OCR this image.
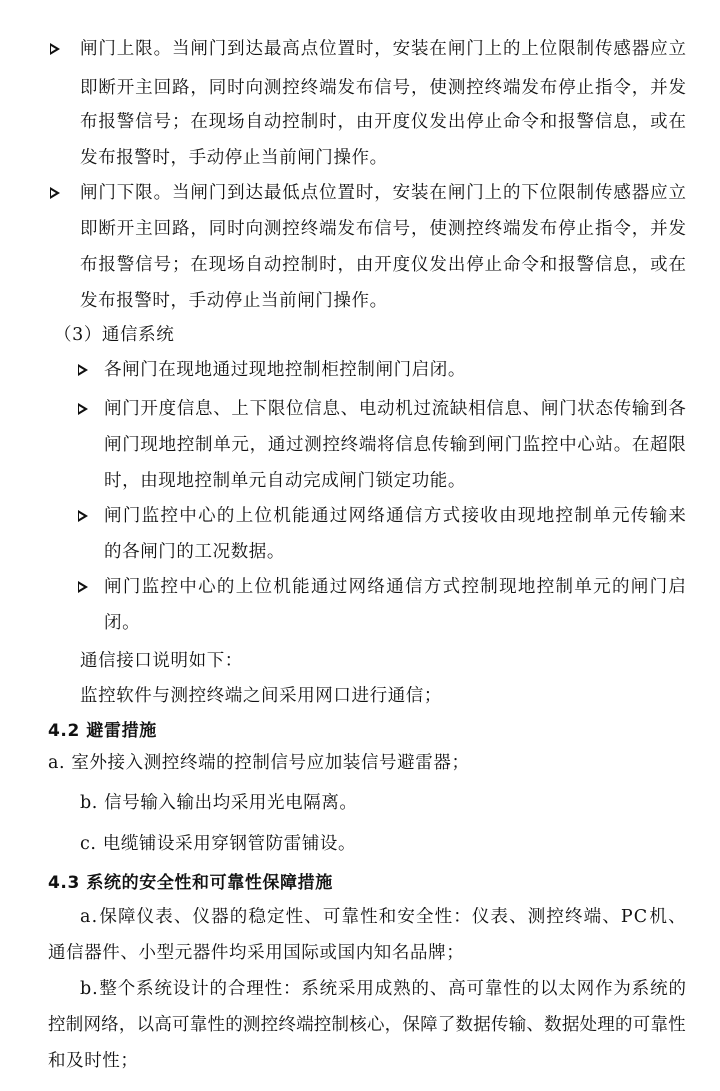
闸 门 上 限 。 当 闸 门 到 达 最 高 点 位 置 时 ， 安 装 在 闸 门 上 的 上 位 限 制 传 感 器 应 立
即 断 开 主 回 路 ， 同 时 向 测 控 终 端 发 布 信 号 ， 使 测 控 终 端 发 布 停 止 指 令 ， 并 发
布 报 警 信 号 ； 在 现 场 自 动 控 制 时 ， 由 开 度 仪 发 出 停 止 命 令 和 报 警 信 息 ， 或 在
发布报警时，手动停止当前闸门操作。
闸 门 下 限 。 当 闸 门 到 达 最 低 点 位 置 时 ， 安 装 在 闸 门 上 的 下 位 限 制 传 感 器 应 立
即 断 开 主 回 路 ， 同 时 向 测 控 终 端 发 布 信 号 ， 使 测 控 终 端 发 布 停 止 指 令 ， 并 发
布 报 警 信 号 ； 在 现 场 自 动 控 制 时 ， 由 开 度 仪 发 出 停 止 命 令 和 报 警 信 息 ， 或 在
发布报警时，手动停止当前闸门操作。
（3）通信系统
各闸门在现地通过现地控制柜控制闸门启闭。
闸 门 开 度 信 息 、 上 下 限 位 信 息 、 电 动 机 过 流 缺 相 信 息 、 闸 门 状 态 传 输 到 各
闸 门 现 地 控 制 单 元 ， 通 过 测 控 终 端 将 信 息 传 输 到 闸 门 监 控 中 心 站 。 在 超 限
时，由现地控制单元自动完成闸门锁定功能。
闸 门 监 控 中 心 的 上 位 机 能 通 过 网 络 通 信 方 式 接 收 由 现 地 控 制 单 元 传 输 来
的各闸门的工况数据。
闸 门 监 控 中 心 的 上 位 机 能 通 过 网 络 通 信 方 式 控 制 现 地 控 制 单 元 的 闸 门 启
闭。
通信接口说明如下：
监控软件与测控终端之间采用网口进行通信；
4.2 避雷措施
a. 室外接入测控终端的控制信号应加装信号避雷器；
b. 信号输入输出均采用光电隔离。
c. 电缆铺设采用穿钢管防雷铺设。
4.3 系统的安全性和可靠性保障措施
a . 保 障 仪 表 、 仪 器 的 稳 定 性 、 可 靠 性 和 安 全 性 ： 仪 表 、 测 控 终 端 、 P C 机 、
通信器件、小型元器件均采用国际或国内知名品牌；
b . 整 个 系 统 设 计 的 合 理 性 ： 系 统 采 用 成 熟 的 、 高 可 靠 性 的 以 太 网 作 为 系 统 的
控 制 网 络 ， 以 高 可 靠 性 的 测 控 终 端 控 制 核 心 ， 保 障 了 数 据 传 输 、 数 据 处 理 的 可 靠 性
和及时性；
